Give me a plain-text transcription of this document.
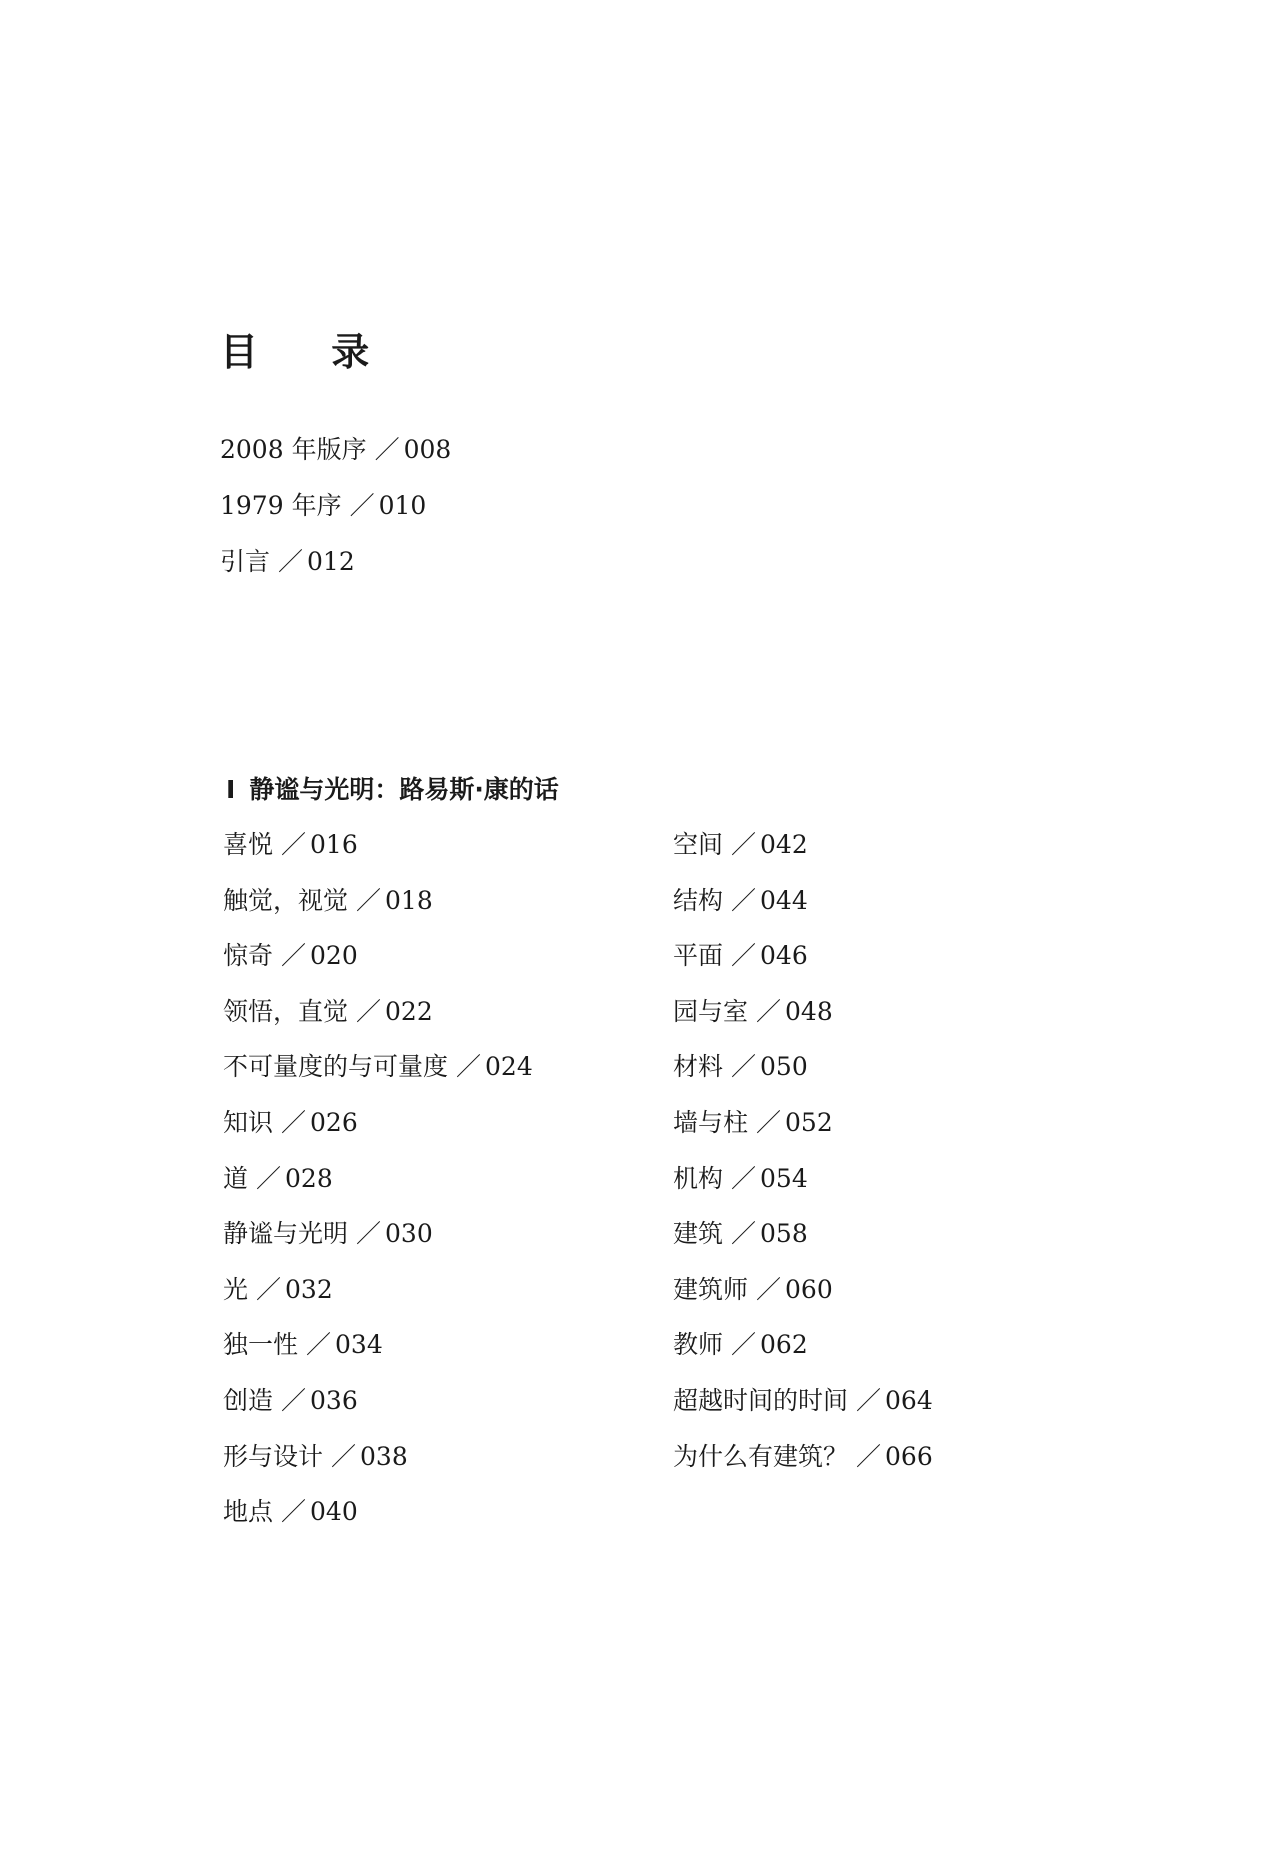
目 录
2008 年版序 ／ 008
1979 年序 ／ 010
引言 ／ 012
I 静谧与光明：路易斯·康的话
喜悦 ／ 016
触觉，视觉 ／ 018
惊奇 ／ 020
领悟，直觉 ／ 022
不可量度的与可量度 ／ 024
知识 ／ 026
道 ／ 028
静谧与光明 ／ 030
光 ／ 032
独一性 ／ 034
创造 ／ 036
形与设计 ／ 038
地点 ／ 040
空间 ／ 042
结构 ／ 044
平面 ／ 046
园与室 ／ 048
材料 ／ 050
墙与柱 ／ 052
机构 ／ 054
建筑 ／ 058
建筑师 ／ 060
教师 ／ 062
超越时间的时间 ／ 064
为什么有建筑？ ／ 066
